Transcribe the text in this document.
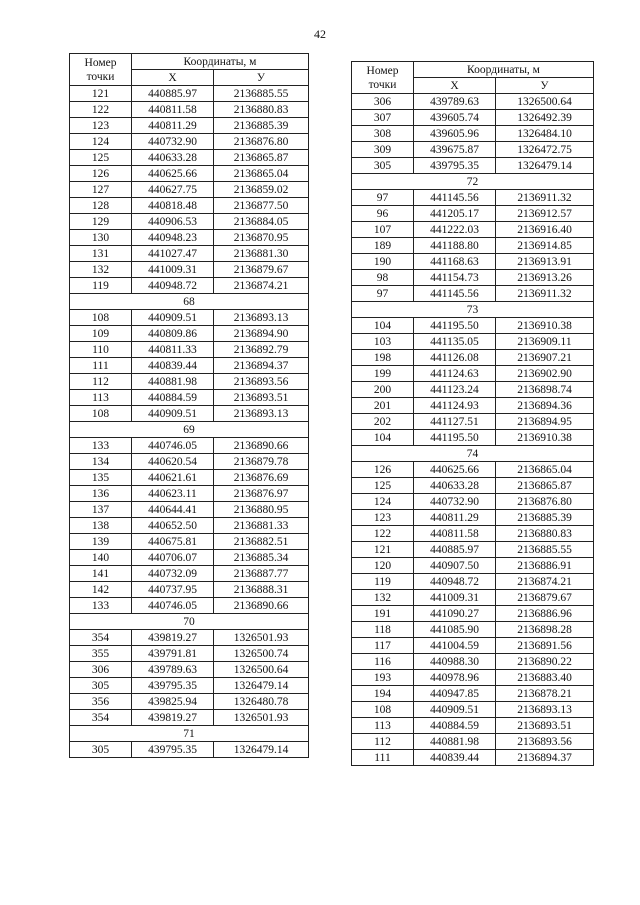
42
Номер точки	Координаты, м	
	X	У
121	440885.97	2136885.55
122	440811.58	2136880.83
123	440811.29	2136885.39
124	440732.90	2136876.80
125	440633.28	2136865.87
126	440625.66	2136865.04
127	440627.75	2136859.02
128	440818.48	2136877.50
129	440906.53	2136884.05
130	440948.23	2136870.95
131	441027.47	2136881.30
132	441009.31	2136879.67
119	440948.72	2136874.21
68		
108	440909.51	2136893.13
109	440809.86	2136894.90
110	440811.33	2136892.79
111	440839.44	2136894.37
112	440881.98	2136893.56
113	440884.59	2136893.51
108	440909.51	2136893.13
69		
133	440746.05	2136890.66
134	440620.54	2136879.78
135	440621.61	2136876.69
136	440623.11	2136876.97
137	440644.41	2136880.95
138	440652.50	2136881.33
139	440675.81	2136882.51
140	440706.07	2136885.34
141	440732.09	2136887.77
142	440737.95	2136888.31
133	440746.05	2136890.66
70		
354	439819.27	1326501.93
355	439791.81	1326500.74
306	439789.63	1326500.64
305	439795.35	1326479.14
356	439825.94	1326480.78
354	439819.27	1326501.93
71		
305	439795.35	1326479.14
Номер точки	Координаты, м	
	X	У
306	439789.63	1326500.64
307	439605.74	1326492.39
308	439605.96	1326484.10
309	439675.87	1326472.75
305	439795.35	1326479.14
72		
97	441145.56	2136911.32
96	441205.17	2136912.57
107	441222.03	2136916.40
189	441188.80	2136914.85
190	441168.63	2136913.91
98	441154.73	2136913.26
97	441145.56	2136911.32
73		
104	441195.50	2136910.38
103	441135.05	2136909.11
198	441126.08	2136907.21
199	441124.63	2136902.90
200	441123.24	2136898.74
201	441124.93	2136894.36
202	441127.51	2136894.95
104	441195.50	2136910.38
74		
126	440625.66	2136865.04
125	440633.28	2136865.87
124	440732.90	2136876.80
123	440811.29	2136885.39
122	440811.58	2136880.83
121	440885.97	2136885.55
120	440907.50	2136886.91
119	440948.72	2136874.21
132	441009.31	2136879.67
191	441090.27	2136886.96
118	441085.90	2136898.28
117	441004.59	2136891.56
116	440988.30	2136890.22
193	440978.96	2136883.40
194	440947.85	2136878.21
108	440909.51	2136893.13
113	440884.59	2136893.51
112	440881.98	2136893.56
111	440839.44	2136894.37
